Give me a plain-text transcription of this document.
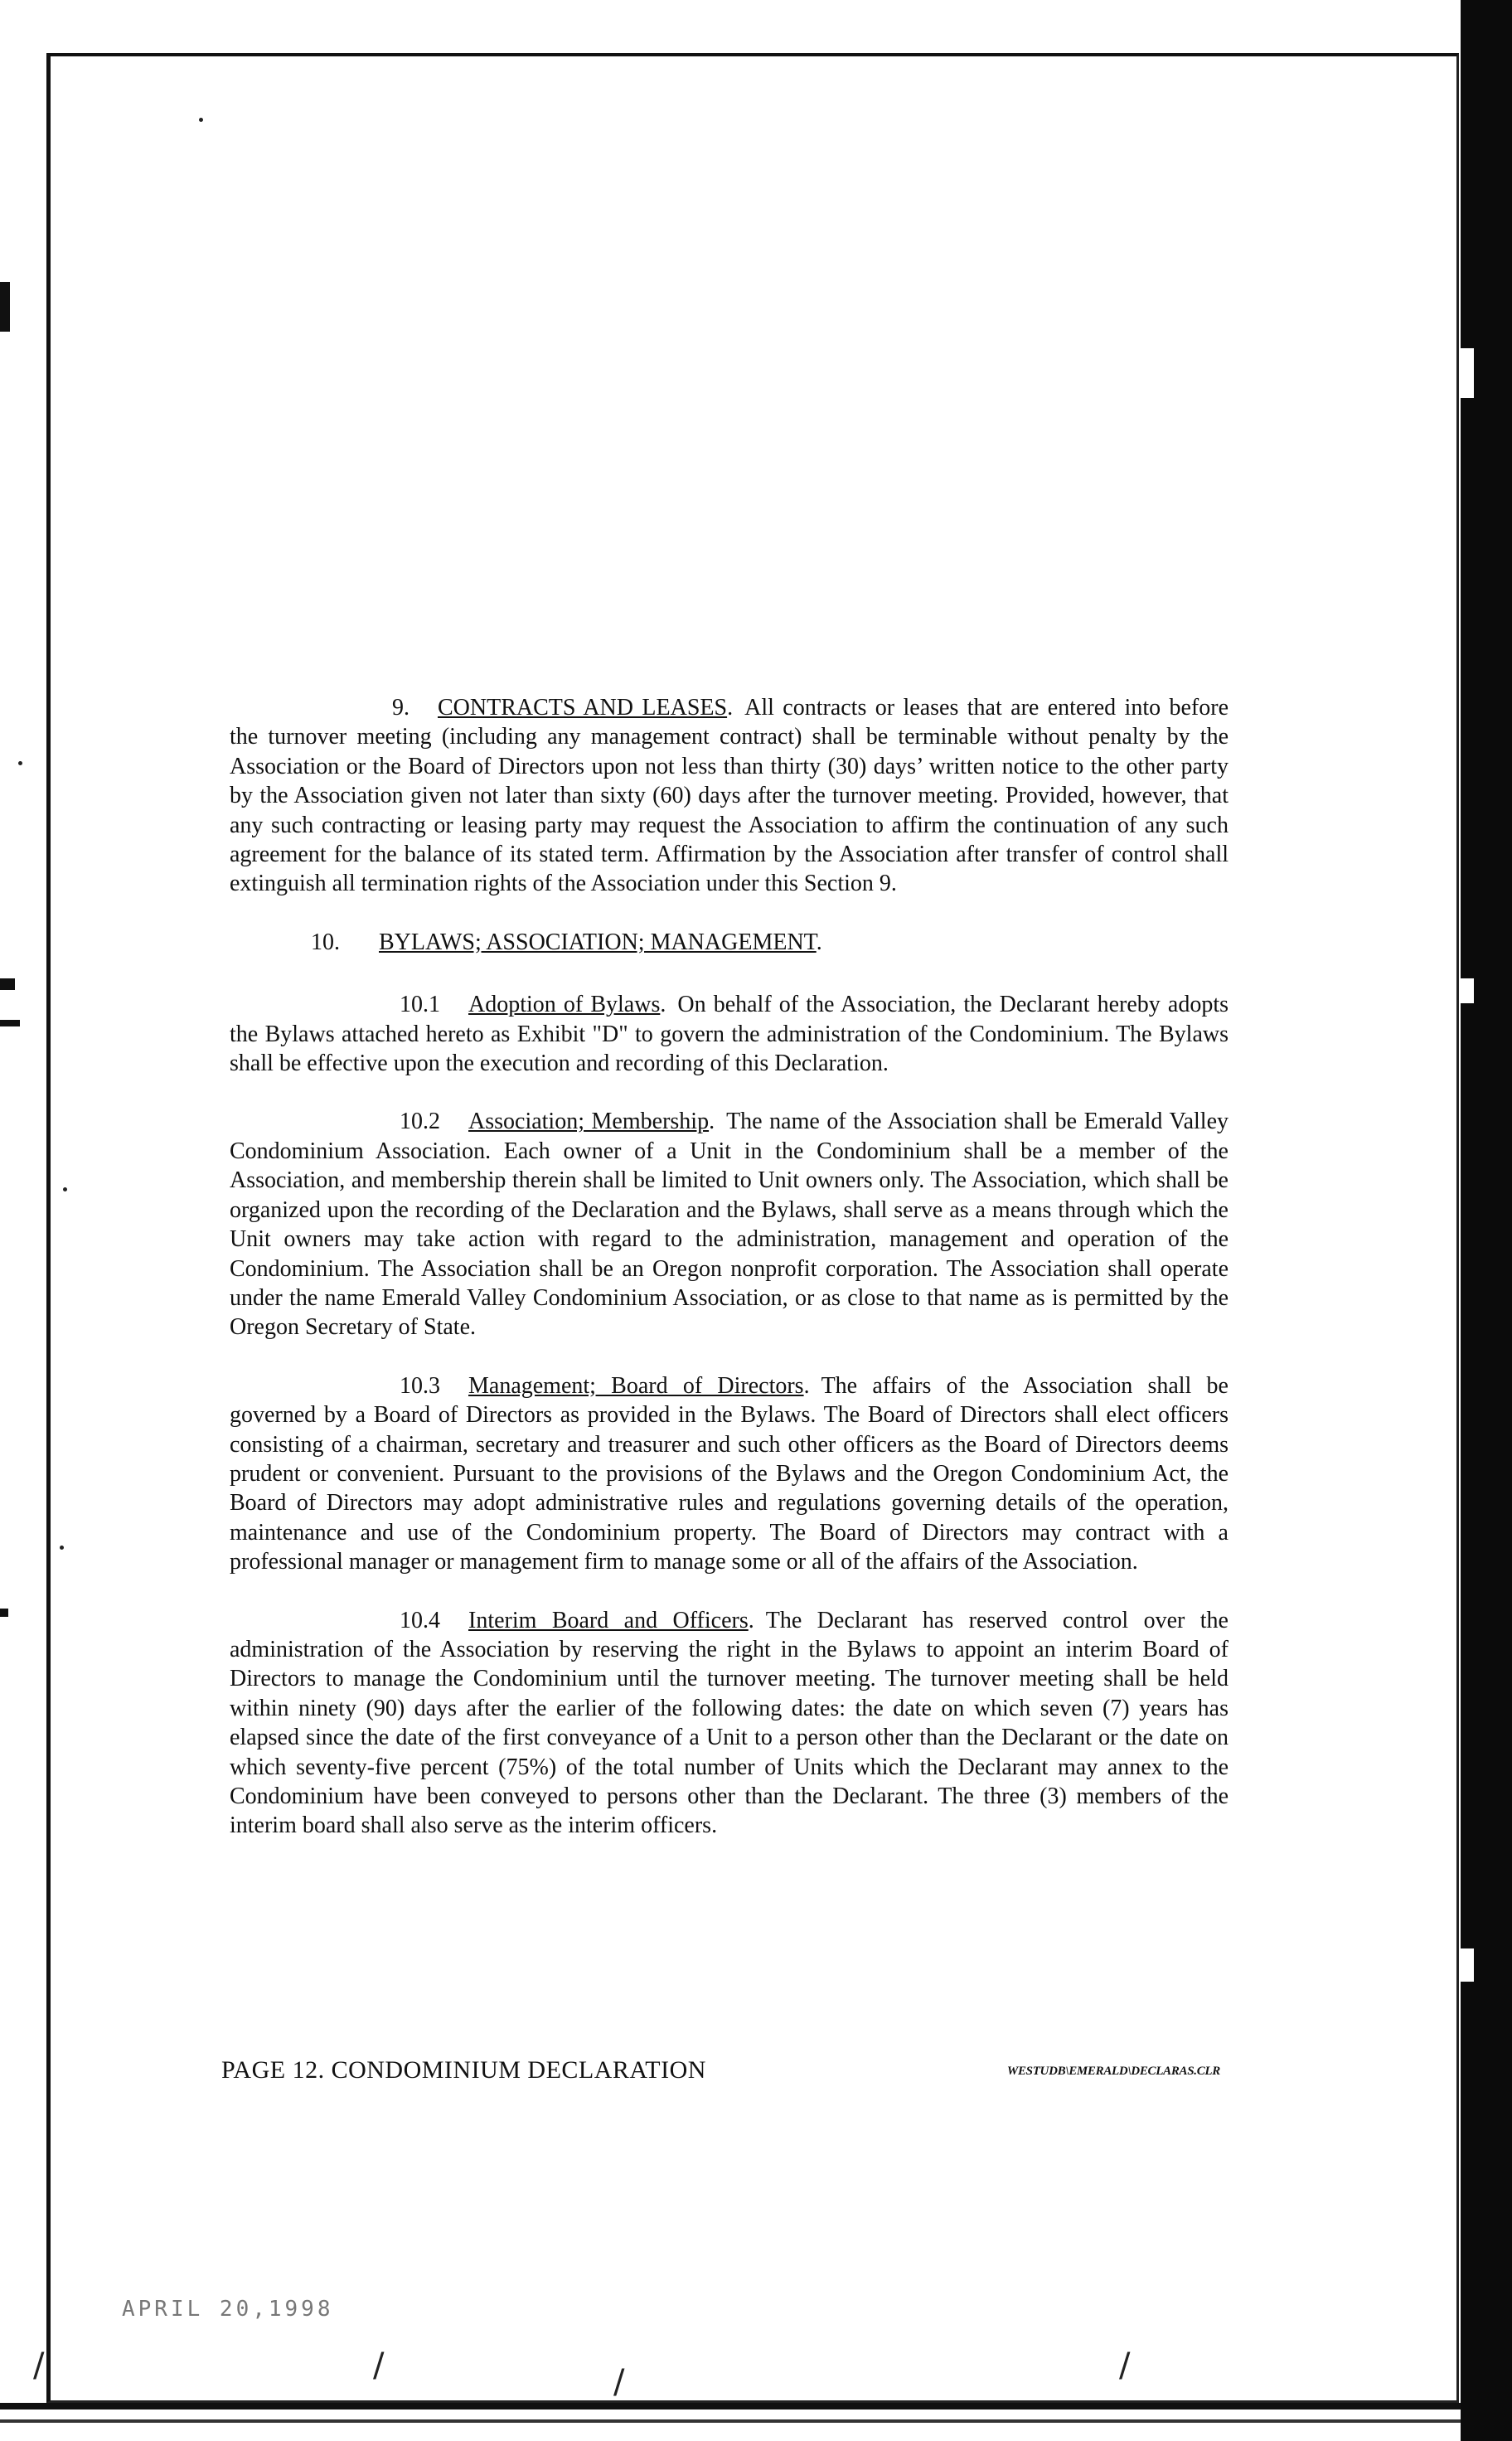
/	/	/	/

9. CONTRACTS AND LEASES. All contracts or leases that are entered into before the turnover meeting (including any management contract) shall be terminable without penalty by the Association or the Board of Directors upon not less than thirty (30) days’ written notice to the other party by the Association given not later than sixty (60) days after the turnover meeting. Provided, however, that any such contracting or leasing party may request the Association to affirm the continuation of any such agreement for the balance of its stated term. Affirmation by the Association after transfer of control shall extinguish all termination rights of the Association under this Section 9.

10. BYLAWS; ASSOCIATION; MANAGEMENT.

10.1 Adoption of Bylaws. On behalf of the Association, the Declarant hereby adopts the Bylaws attached hereto as Exhibit "D" to govern the administration of the Condominium. The Bylaws shall be effective upon the execution and recording of this Declaration.

10.2 Association; Membership. The name of the Association shall be Emerald Valley Condominium Association. Each owner of a Unit in the Condominium shall be a member of the Association, and membership therein shall be limited to Unit owners only. The Association, which shall be organized upon the recording of the Declaration and the Bylaws, shall serve as a means through which the Unit owners may take action with regard to the administration, management and operation of the Condominium. The Association shall be an Oregon nonprofit corporation. The Association shall operate under the name Emerald Valley Condominium Association, or as close to that name as is permitted by the Oregon Secretary of State.

10.3 Management; Board of Directors. The affairs of the Association shall be governed by a Board of Directors as provided in the Bylaws. The Board of Directors shall elect officers consisting of a chairman, secretary and treasurer and such other officers as the Board of Directors deems prudent or convenient. Pursuant to the provisions of the Bylaws and the Oregon Condominium Act, the Board of Directors may adopt administrative rules and regulations governing details of the operation, maintenance and use of the Condominium property. The Board of Directors may contract with a professional manager or management firm to manage some or all of the affairs of the Association.

10.4 Interim Board and Officers. The Declarant has reserved control over the administration of the Association by reserving the right in the Bylaws to appoint an interim Board of Directors to manage the Condominium until the turnover meeting. The turnover meeting shall be held within ninety (90) days after the earlier of the following dates: the date on which seven (7) years has elapsed since the date of the first conveyance of a Unit to a person other than the Declarant or the date on which seventy-five percent (75%) of the total number of Units which the Declarant may annex to the Condominium have been conveyed to persons other than the Declarant. The three (3) members of the interim board shall also serve as the interim officers.

PAGE 12. CONDOMINIUM DECLARATION	WESTUDB\EMERALD\DECLARAS.CLR
APRIL 20,1998
